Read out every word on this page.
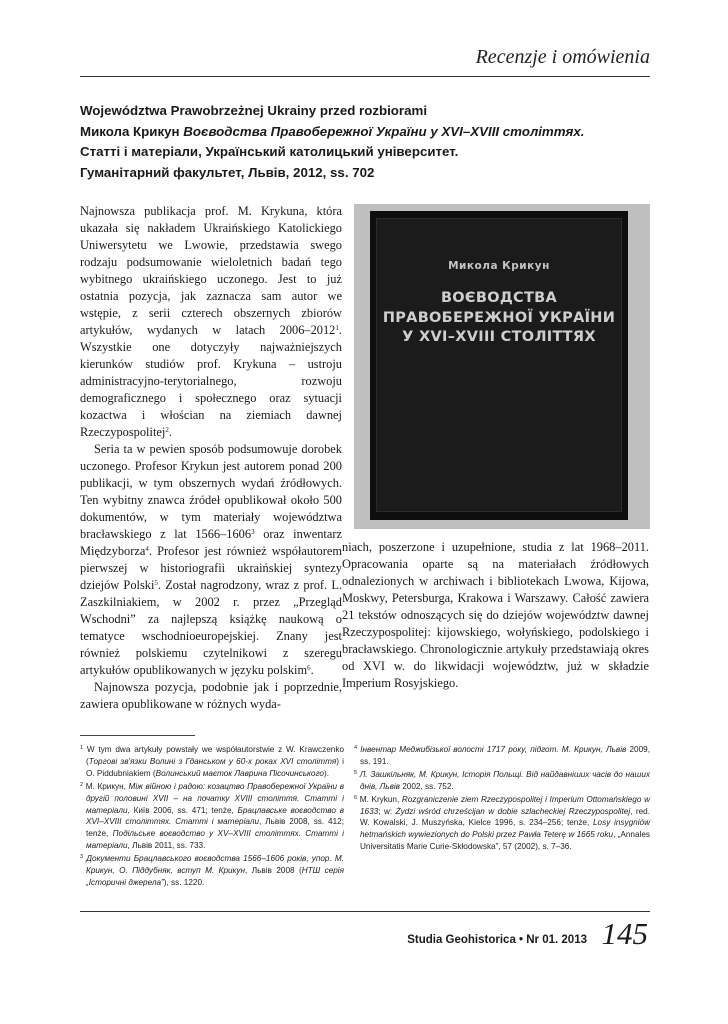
Recenzje i omówienia
Województwa Prawobrzeżnej Ukrainy przed rozbiorami
Микола Крикун Воєводства Правобережної України у XVI–XVIII століттях.
Статті і матеріали, Український католицький університет.
Гуманітарний факультет, Львів, 2012, ss. 702

Najnowsza publikacja prof. M. Krykuna, która ukazała się nakładem Ukraińskiego Katolickiego Uniwersytetu we Lwowie, przedstawia swego rodzaju podsumowanie wieloletnich badań tego wybitnego ukraińskiego uczonego. Jest to już ostatnia pozycja, jak zaznacza sam autor we wstępie, z serii czterech obszernych zbiorów artykułów, wydanych w latach 2006–2012$^1$. Wszystkie one dotyczyły najważniejszych kierunków studiów prof. Krykuna – ustroju administracyjno-terytorialnego, rozwoju demograficznego i społecznego oraz sytuacji kozactwa i włościan na ziemiach dawnej Rzeczypospolitej$^2$.

Seria ta w pewien sposób podsumowuje dorobek uczonego. Profesor Krykun jest autorem ponad 200 publikacji, w tym obszernych wydań źródłowych. Ten wybitny znawca źródeł opublikował około 500 dokumentów, w tym materiały województwa bracławskiego z lat 1566–1606$^3$ oraz inwentarz Międzyborza$^4$. Profesor jest również współautorem pierwszej w historiografii ukraińskiej syntezy dziejów Polski$^5$. Został nagrodzony, wraz z prof. L. Zaszkilniakiem, w 2002 r. przez „Przegląd Wschodni” za najlepszą książkę naukową o tematyce wschodnioeuropejskiej. Znany jest również polskiemu czytelnikowi z szeregu artykułów opublikowanych w języku polskim$^6$.

Najnowsza pozycja, podobnie jak i poprzednie, zawiera opublikowane w różnych wyda-

Микола Крикун
ВОЄВОДСТВА
ПРАВОБЕРЕЖНОЇ УКРАЇНИ
У XVI–XVIII СТОЛІТТЯХ

niach, poszerzone i uzupełnione, studia z lat 1968–2011. Opracowania oparte są na materiałach źródłowych odnalezionych w archiwach i bibliotekach Lwowa, Kijowa, Moskwy, Petersburga, Krakowa i Warszawy. Całość zawiera 21 tekstów odnoszących się do dziejów województw dawnej Rzeczypospolitej: kijowskiego, wołyńskiego, podolskiego i bracławskiego. Chronologicznie artykuły przedstawiają okres od XVI w. do likwidacji województw, już w składzie Imperium Rosyjskiego.

$^1$ W tym dwa artykuły powstały we współautorstwie z W. Krawczenko (Торгові зв'язки Волині з Гданськом у 60-х роках XVI століття) i O. Piddubniakiem (Волинський маєток Лаврина Пісочинського).
$^2$ М. Крикун, Між війною і радою: козацтво Правобережної України в другій половині XVII – на початку XVIII століття. Статті і матеріали, Київ 2006, ss. 471; tenże, Брацлавське воєводство в XVI–XVIII століттях. Статті і матеріали, Львів 2008, ss. 412; tenże, Подільське воєводство у XV–XVIII століттях. Статті і матеріали, Львів 2011, ss. 733.
$^3$ Документи Брацлавського воєводства 1566–1606 років, упор. М. Крикун, О. Піддубняк, вступ М. Крикун, Львів 2008 (НТШ серія „Історичні джерела”), ss. 1220.
$^4$ Інвентар Меджибізької волості 1717 року, підгот. М. Крикун, Львів 2009, ss. 191.
$^5$ Л. Зашкільняк, М. Крикун, Історія Польщі. Від найдавніших часів до наших днів, Львів 2002, ss. 752.
$^6$ M. Krykun, Rozgraniczenie ziem Rzeczypospolitej i Imperium Ottomańskiego w 1633; w: Żydzi wśród chrześcijan w dobie szlacheckiej Rzeczypospolitej, red. W. Kowalski, J. Muszyńska, Kielce 1996, s. 234–256; tenże, Losy insygniów hetmańskich wywiezionych do Polski przez Pawła Teterę w 1665 roku, „Annales Universitatis Marie Curie-Skłodowska”, 57 (2002), s. 7–36.
Studia Geohistorica • Nr 01. 2013 145
